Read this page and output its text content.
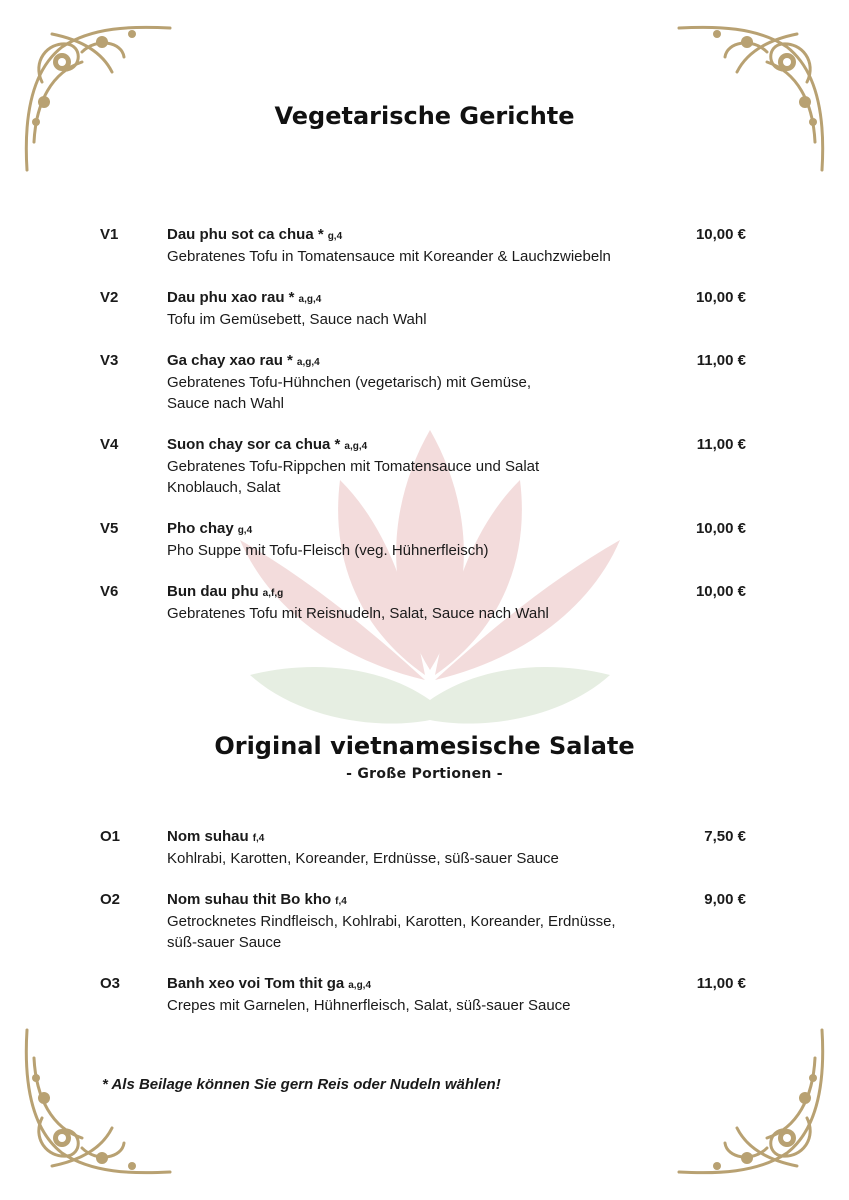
Vegetarische Gerichte
V1	Dau phu sot ca chua * g,4	10,00 €
Gebratenes Tofu in Tomatensauce mit Koreander & Lauchzwiebeln
V2	Dau phu xao rau * a,g,4	10,00 €
Tofu im Gemüsebett, Sauce nach Wahl
V3	Ga chay xao rau * a,g,4	11,00 €
Gebratenes Tofu-Hühnchen (vegetarisch) mit Gemüse,
Sauce nach Wahl
V4	Suon chay sor ca chua * a,g,4	11,00 €
Gebratenes Tofu-Rippchen mit Tomatensauce und Salat
Knoblauch, Salat
V5	Pho chay g,4	10,00 €
Pho Suppe mit Tofu-Fleisch (veg. Hühnerfleisch)
V6	Bun dau phu a,f,g	10,00 €
Gebratenes Tofu mit Reisnudeln, Salat, Sauce nach Wahl
Original vietnamesische Salate
- Große Portionen -
O1	Nom suhau f,4	7,50 €
Kohlrabi, Karotten, Koreander, Erdnüsse, süß-sauer Sauce
O2	Nom suhau thit Bo kho f,4	9,00 €
Getrocknetes Rindfleisch, Kohlrabi, Karotten, Koreander, Erdnüsse,
süß-sauer Sauce
O3	Banh xeo voi Tom thit ga a,g,4	11,00 €
Crepes mit Garnelen, Hühnerfleisch, Salat, süß-sauer Sauce
* Als Beilage können Sie gern Reis oder Nudeln wählen!
